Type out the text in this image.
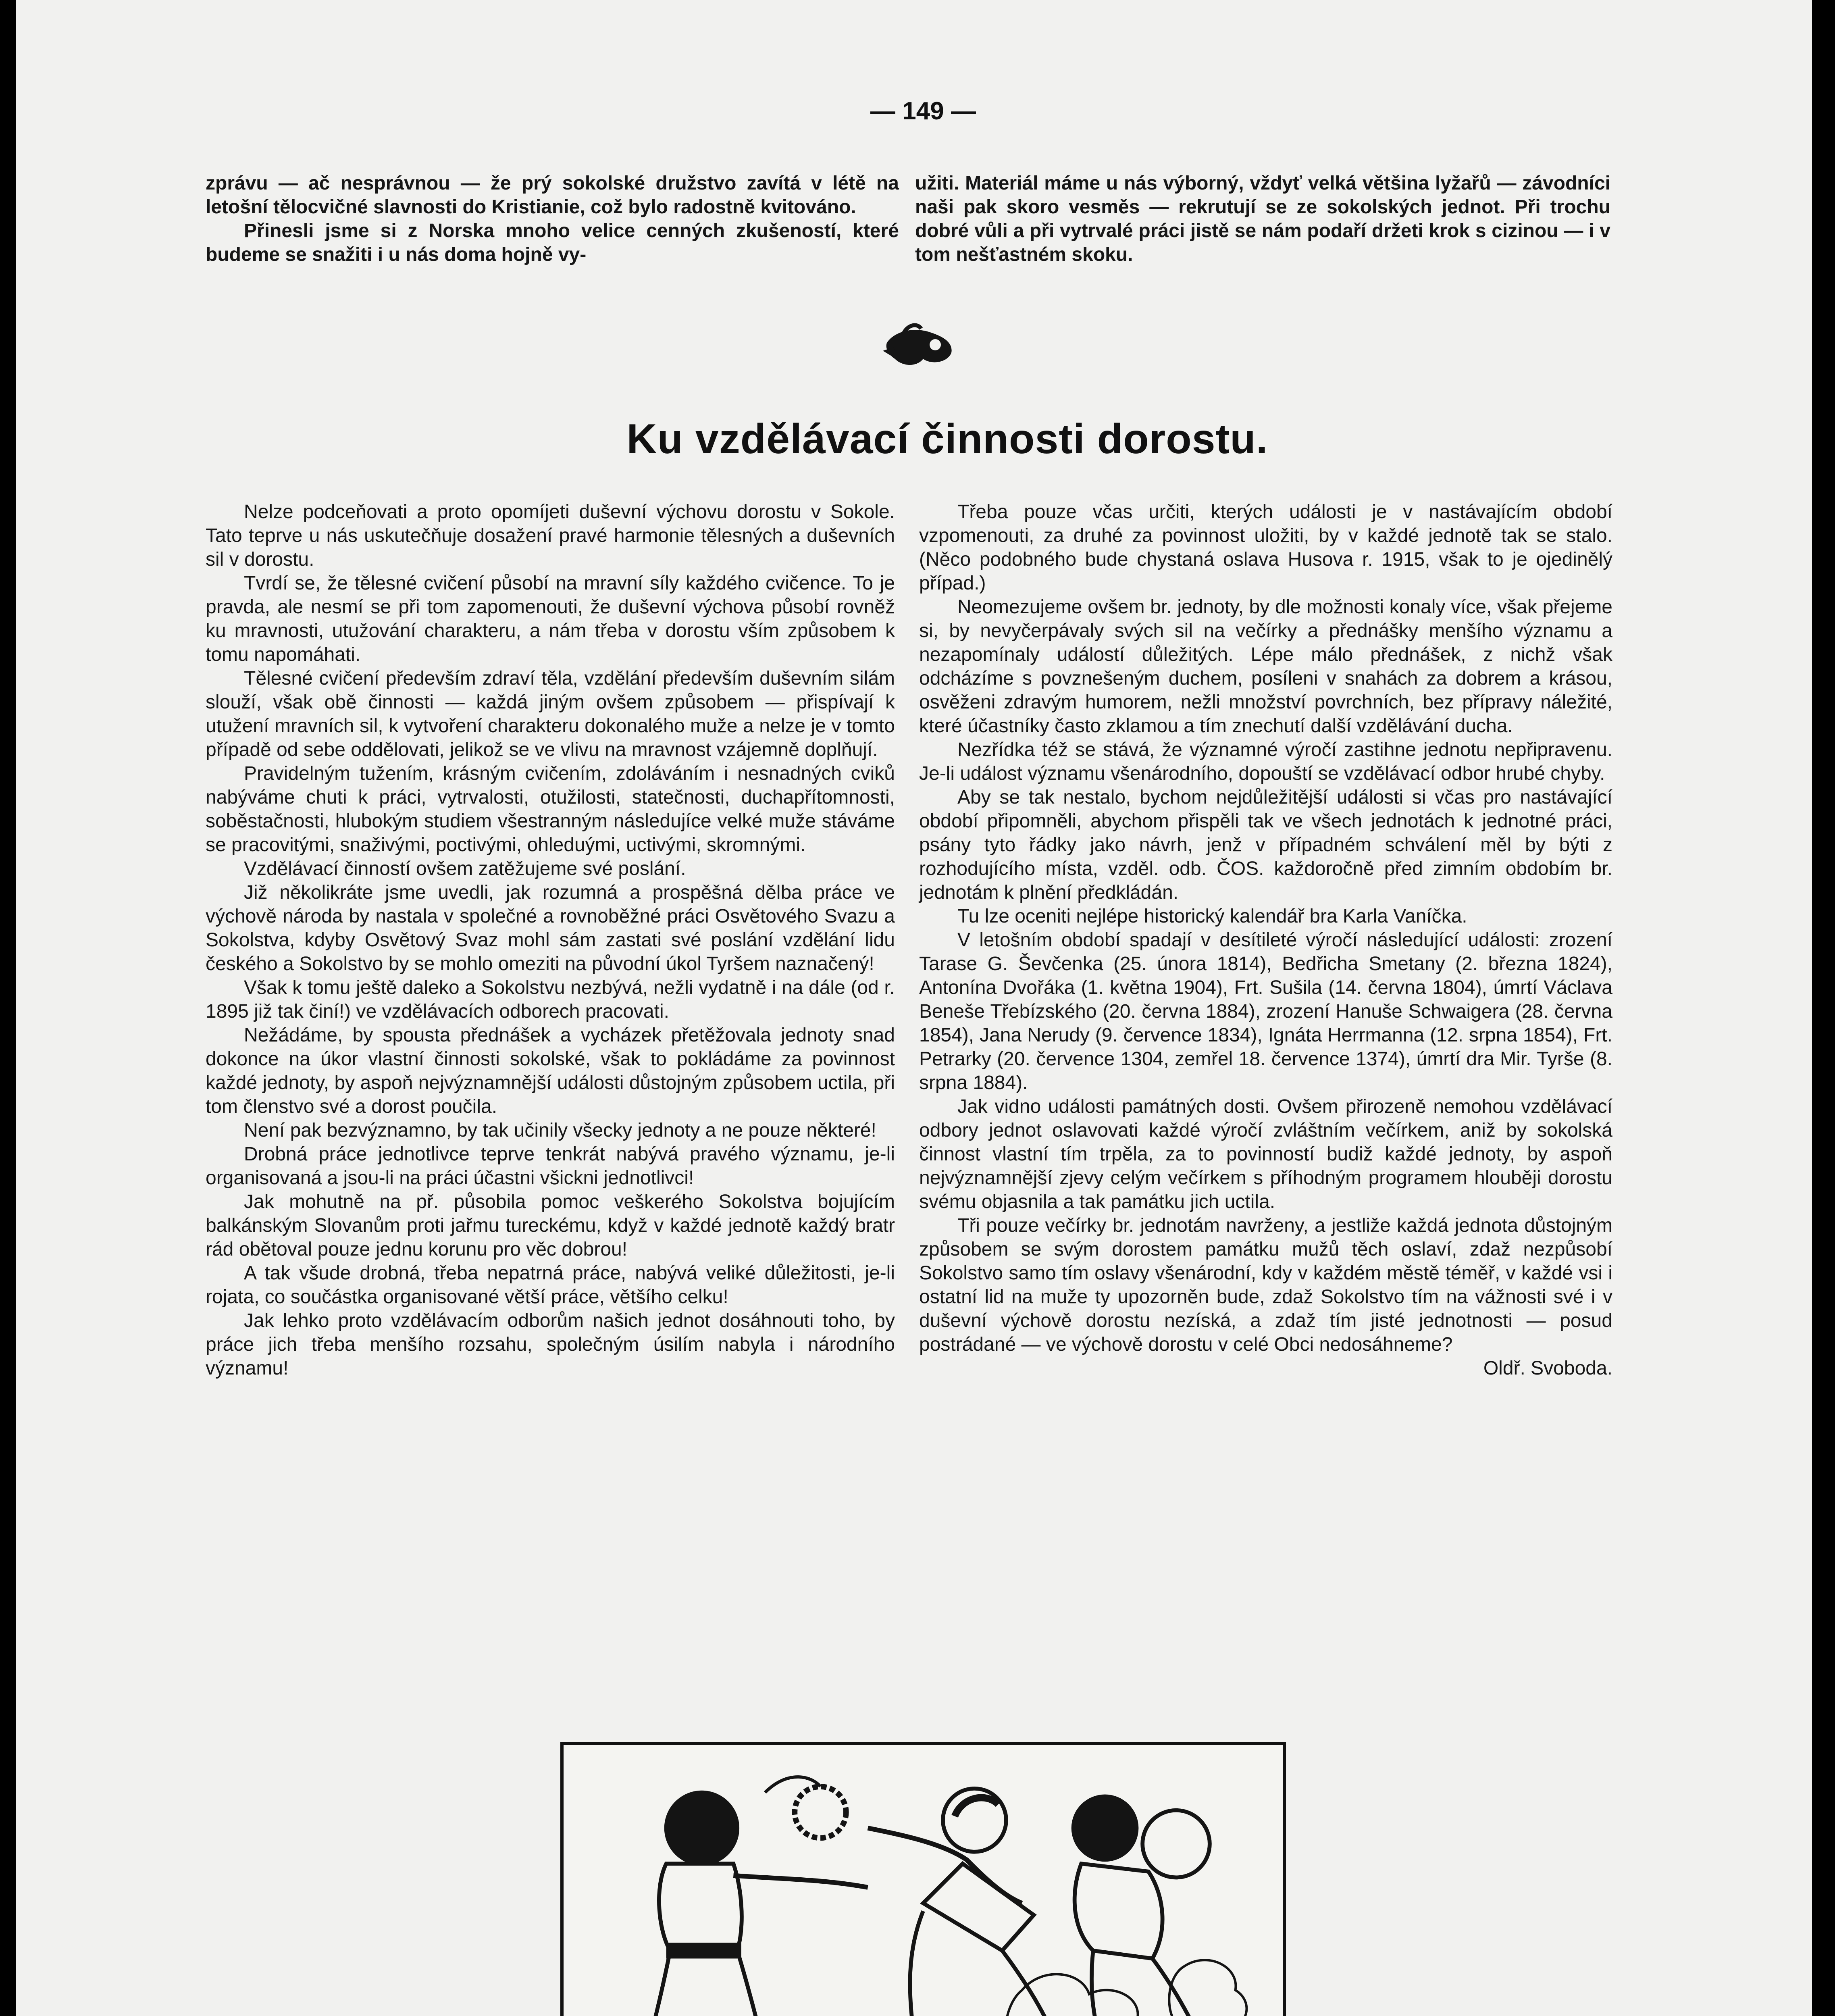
— 149 —

zprávu — ač nesprávnou — že prý sokolské družstvo zavítá v létě na letošní tělocvičné slavnosti do Kristianie, což bylo radostně kvitováno.

Přinesli jsme si z Norska mnoho velice cenných zkušeností, které budeme se snažiti i u nás doma hojně vy-

užiti. Materiál máme u nás výborný, vždyť velká většina lyžařů — závodníci naši pak skoro vesměs — rekrutují se ze sokolských jednot. Při trochu dobré vůli a při vytrvalé práci jistě se nám podaří držeti krok s cizinou — i v tom nešťastném skoku.

Ku vzdělávací činnosti dorostu.

Nelze podceňovati a proto opomíjeti duševní výchovu dorostu v Sokole. Tato teprve u nás uskutečňuje dosažení pravé harmonie tělesných a duševních sil v dorostu.

Tvrdí se, že tělesné cvičení působí na mravní síly každého cvičence. To je pravda, ale nesmí se při tom zapomenouti, že duševní výchova působí rovněž ku mravnosti, utužování charakteru, a nám třeba v dorostu vším způsobem k tomu napomáhati.

Tělesné cvičení především zdraví těla, vzdělání především duševním silám slouží, však obě činnosti — každá jiným ovšem způsobem — přispívají k utužení mravních sil, k vytvoření charakteru dokonalého muže a nelze je v tomto případě od sebe oddělovati, jelikož se ve vlivu na mravnost vzájemně doplňují.

Pravidelným tužením, krásným cvičením, zdoláváním i nesnadných cviků nabýváme chuti k práci, vytrvalosti, otužilosti, statečnosti, duchapřítomnosti, soběstačnosti, hlubokým studiem všestranným následujíce velké muže stáváme se pracovitými, snaživými, poctivými, ohleduými, uctivými, skromnými.

Vzdělávací činností ovšem zatěžujeme své poslání.

Již několikráte jsme uvedli, jak rozumná a prospěšná dělba práce ve výchově národa by nastala v společné a rovnoběžné práci Osvětového Svazu a Sokolstva, kdyby Osvětový Svaz mohl sám zastati své poslání vzdělání lidu českého a Sokolstvo by se mohlo omeziti na původní úkol Tyršem naznačený!

Však k tomu ještě daleko a Sokolstvu nezbývá, nežli vydatně i na dále (od r. 1895 již tak činí!) ve vzdělávacích odborech pracovati.

Nežádáme, by spousta přednášek a vycházek přetěžovala jednoty snad dokonce na úkor vlastní činnosti sokolské, však to pokládáme za povinnost každé jednoty, by aspoň nejvýznamnější události důstojným způsobem uctila, při tom členstvo své a dorost poučila.

Není pak bezvýznamno, by tak učinily všecky jednoty a ne pouze některé!

Drobná práce jednotlivce teprve tenkrát nabývá pravého významu, je-li organisovaná a jsou-li na práci účastni všickni jednotlivci!

Jak mohutně na př. působila pomoc veškerého Sokolstva bojujícím balkánským Slovanům proti jařmu tureckému, když v každé jednotě každý bratr rád obětoval pouze jednu korunu pro věc dobrou!

A tak všude drobná, třeba nepatrná práce, nabývá veliké důležitosti, je-li rojata, co součástka organisované větší práce, většího celku!

Jak lehko proto vzdělávacím odborům našich jednot dosáhnouti toho, by práce jich třeba menšího rozsahu, společným úsilím nabyla i národního významu!

Třeba pouze včas určiti, kterých události je v nastávajícím období vzpomenouti, za druhé za povinnost uložiti, by v každé jednotě tak se stalo. (Něco podobného bude chystaná oslava Husova r. 1915, však to je ojedinělý případ.)

Neomezujeme ovšem br. jednoty, by dle možnosti konaly více, však přejeme si, by nevyčerpávaly svých sil na večírky a přednášky menšího významu a nezapomínaly událostí důležitých. Lépe málo přednášek, z nichž však odcházíme s povznešeným duchem, posíleni v snahách za dobrem a krásou, osvěženi zdravým humorem, nežli množství povrchních, bez přípravy náležité, které účastníky často zklamou a tím znechutí další vzdělávání ducha.

Nezřídka též se stává, že významné výročí zastihne jednotu nepřipravenu. Je-li událost významu všenárodního, dopouští se vzdělávací odbor hrubé chyby.

Aby se tak nestalo, bychom nejdůležitější události si včas pro nastávající období připomněli, abychom přispěli tak ve všech jednotách k jednotné práci, psány tyto řádky jako návrh, jenž v případném schválení měl by býti z rozhodujícího místa, vzděl. odb. ČOS. každoročně před zimním obdobím br. jednotám k plnění předkládán.

Tu lze oceniti nejlépe historický kalendář bra Karla Vaníčka.

V letošním období spadají v desítileté výročí následující události: zrození Tarase G. Ševčenka (25. února 1814), Bedřicha Smetany (2. března 1824), Antonína Dvořáka (1. května 1904), Frt. Sušila (14. června 1804), úmrtí Václava Beneše Třebízského (20. června 1884), zrození Hanuše Schwaigera (28. června 1854), Jana Nerudy (9. července 1834), Ignáta Herrmanna (12. srpna 1854), Frt. Petrarky (20. července 1304, zemřel 18. července 1374), úmrtí dra Mir. Tyrše (8. srpna 1884).

Jak vidno události památných dosti. Ovšem přirozeně nemohou vzdělávací odbory jednot oslavovati každé výročí zvláštním večírkem, aniž by sokolská činnost vlastní tím trpěla, za to povinností budiž každé jednoty, by aspoň nejvýznamnější zjevy celým večírkem s příhodným programem hlouběji dorostu svému objasnila a tak památku jich uctila.

Tři pouze večírky br. jednotám navrženy, a jestliže každá jednota důstojným způsobem se svým dorostem památku mužů těch oslaví, zdaž nezpůsobí Sokolstvo samo tím oslavy všenárodní, kdy v každém městě téměř, v každé vsi i ostatní lid na muže ty upozorněn bude, zdaž Sokolstvo tím na vážnosti své i v duševní výchově dorostu nezíská, a zdaž tím jisté jednotnosti — posud postrádané — ve výchově dorostu v celé Obci nedosáhneme?

Oldř. Svoboda.
